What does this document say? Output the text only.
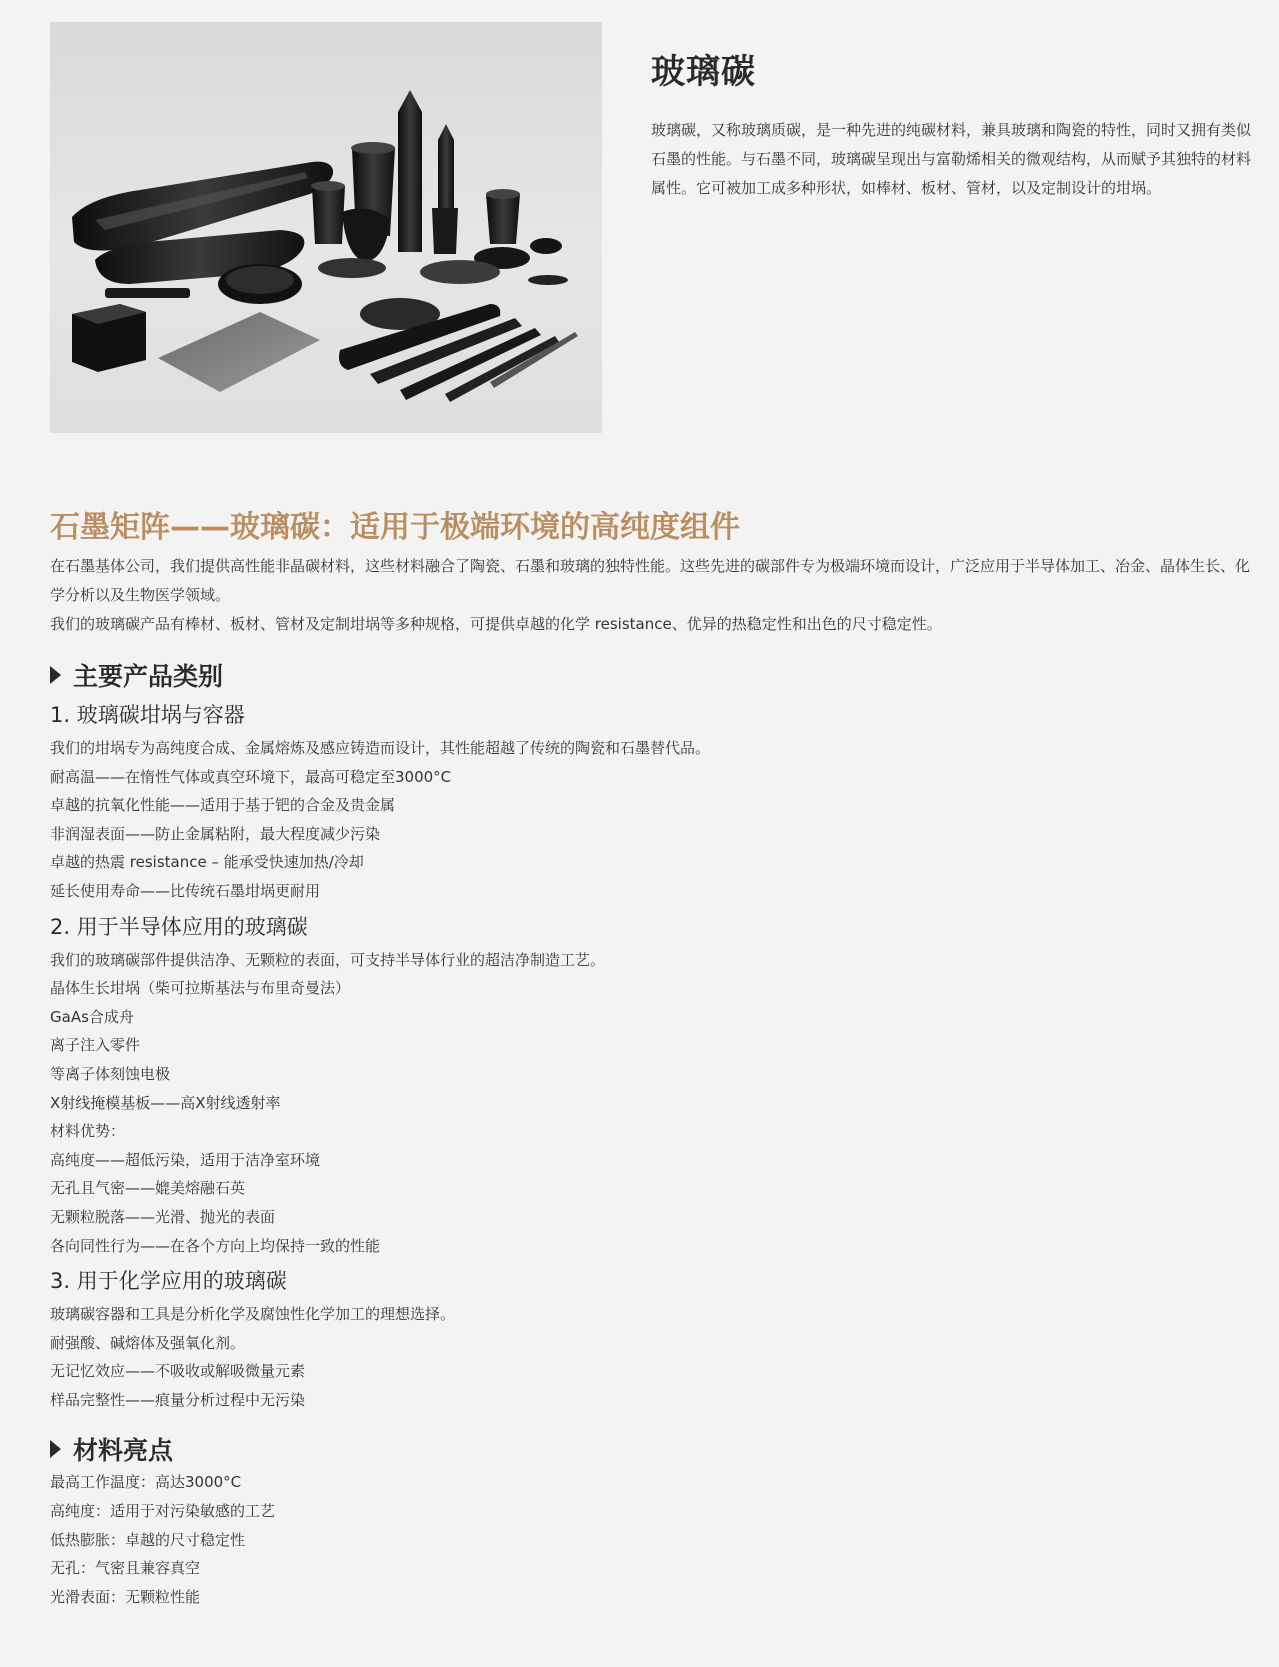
玻璃碳
玻璃碳，又称玻璃质碳，是一种先进的纯碳材料，兼具玻璃和陶瓷的特性，同时又拥有类似石墨的性能。与石墨不同，玻璃碳呈现出与富勒烯相关的微观结构，从而赋予其独特的材料属性。它可被加工成多种形状，如棒材、板材、管材，以及定制设计的坩埚。
石墨矩阵——玻璃碳：适用于极端环境的高纯度组件

在石墨基体公司，我们提供高性能非晶碳材料，这些材料融合了陶瓷、石墨和玻璃的独特性能。这些先进的碳部件专为极端环境而设计，广泛应用于半导体加工、冶金、晶体生长、化学分析以及生物医学领域。

我们的玻璃碳产品有棒材、板材、管材及定制坩埚等多种规格，可提供卓越的化学 resistance、优异的热稳定性和出色的尺寸稳定性。

主要产品类别
1. 玻璃碳坩埚与容器
我们的坩埚专为高纯度合成、金属熔炼及感应铸造而设计，其性能超越了传统的陶瓷和石墨替代品。
耐高温——在惰性气体或真空环境下，最高可稳定至3000°C
卓越的抗氧化性能——适用于基于钯的合金及贵金属
非润湿表面——防止金属粘附，最大程度减少污染
卓越的热震 resistance – 能承受快速加热/冷却
延长使用寿命——比传统石墨坩埚更耐用
2. 用于半导体应用的玻璃碳
我们的玻璃碳部件提供洁净、无颗粒的表面，可支持半导体行业的超洁净制造工艺。
晶体生长坩埚（柴可拉斯基法与布里奇曼法）
GaAs合成舟
离子注入零件
等离子体刻蚀电极
X射线掩模基板——高X射线透射率
材料优势：
高纯度——超低污染，适用于洁净室环境
无孔且气密——媲美熔融石英
无颗粒脱落——光滑、抛光的表面
各向同性行为——在各个方向上均保持一致的性能
3. 用于化学应用的玻璃碳
玻璃碳容器和工具是分析化学及腐蚀性化学加工的理想选择。
耐强酸、碱熔体及强氧化剂。
无记忆效应——不吸收或解吸微量元素
样品完整性——痕量分析过程中无污染
材料亮点
最高工作温度：高达3000°C
高纯度：适用于对污染敏感的工艺
低热膨胀：卓越的尺寸稳定性
无孔：气密且兼容真空
光滑表面：无颗粒性能
